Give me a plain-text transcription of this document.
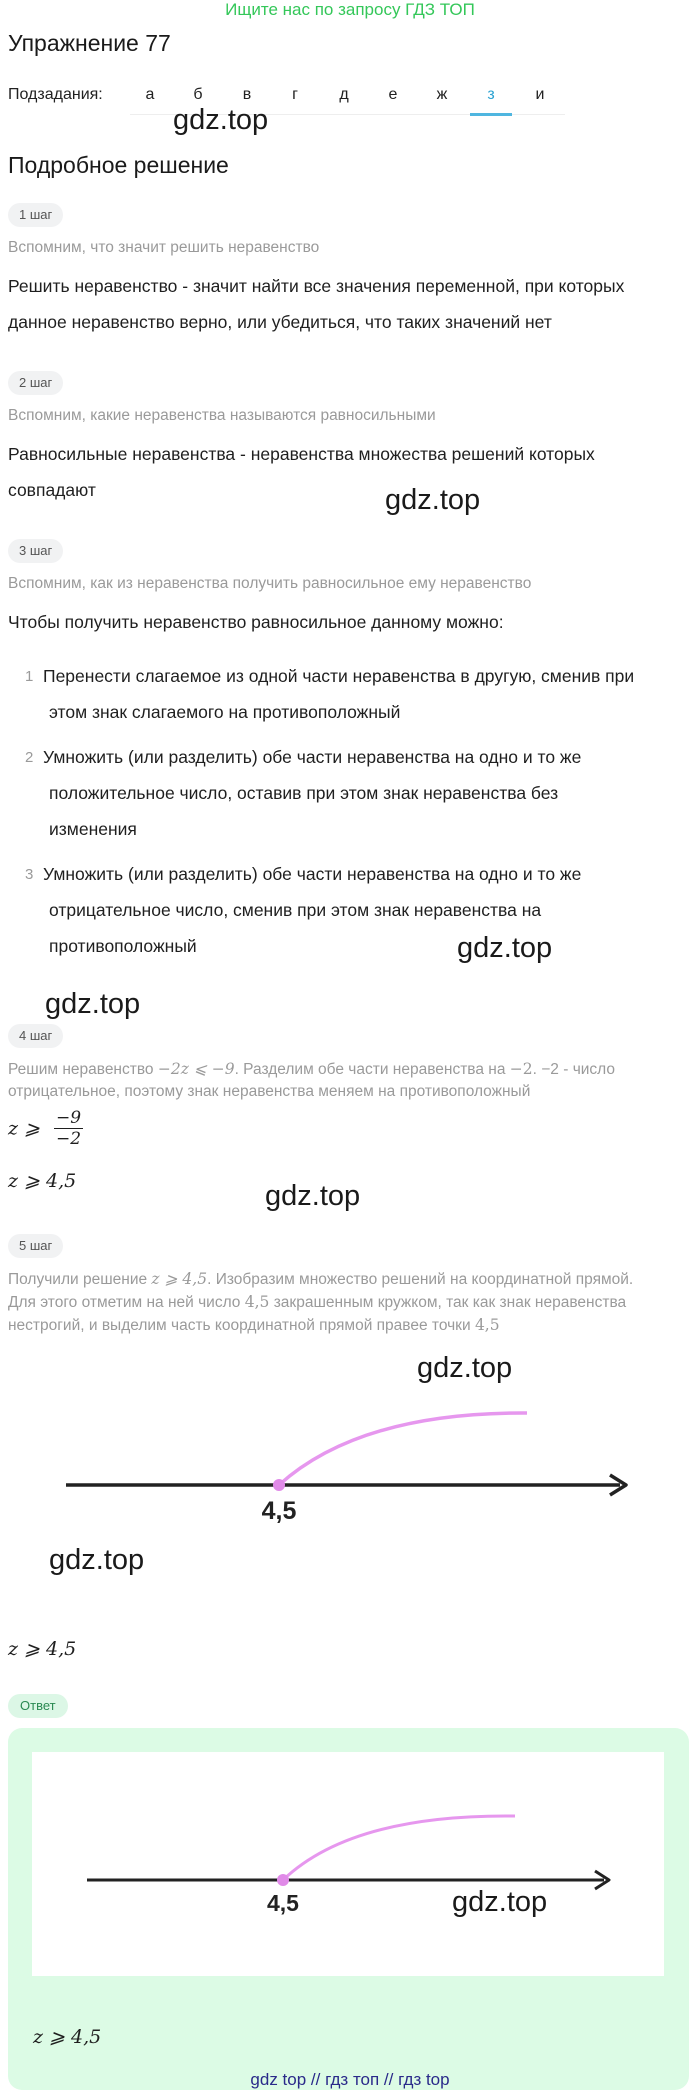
Ищите нас по запросу ГДЗ ТОП
Упражнение 77
Подзадания:	а	б	в	г	д	е	ж	з	и
gdz.top
Подробное решение
1 шаг
Вспомним, что значит решить неравенство
Решить неравенство - значит найти все значения переменной, при которых
данное неравенство верно, или убедиться, что таких значений нет
2 шаг
Вспомним, какие неравенства называются равносильными
Равносильные неравенства - неравенства множества решений которых
совпадают	gdz.top
3 шаг
Вспомним, как из неравенства получить равносильное ему неравенство
Чтобы получить неравенство равносильное данному можно:
1 Перенести слагаемое из одной части неравенства в другую, сменив при
этом знак слагаемого на противоположный
2 Умножить (или разделить) обе части неравенства на одно и то же
положительное число, оставив при этом знак неравенства без
изменения
3 Умножить (или разделить) обе части неравенства на одно и то же
отрицательное число, сменив при этом знак неравенства на
противоположный	gdz.top
gdz.top
4 шаг
Решим неравенство −2z ⩽ −9. Разделим обе части неравенства на −2. −2 - число
отрицательное, поэтому знак неравенства меняем на противоположный
z ⩾ $\frac{-9}{-2}$
z ⩾ 4,5	gdz.top
5 шаг
Получили решение z ⩾ 4,5. Изобразим множество решений на координатной прямой.
Для этого отметим на ней число 4,5 закрашенным кружком, так как знак неравенства
нестрогий, и выделим часть координатной прямой правее точки 4,5
gdz.top
4,5
gdz.top
z ⩾ 4,5
Ответ
4,5	gdz.top
z ⩾ 4,5
gdz top // гдз топ // гдз top
